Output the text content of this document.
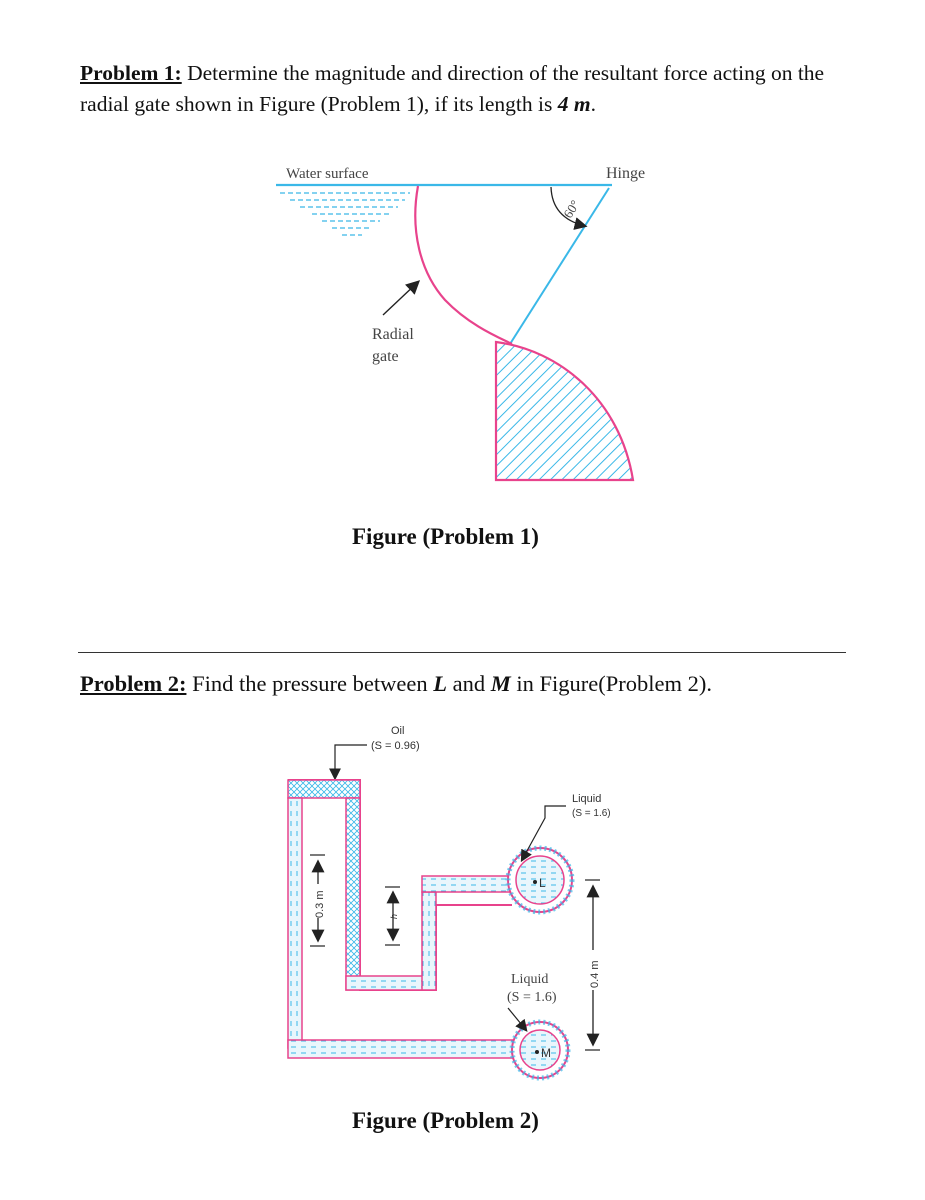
Problem 1: Determine the magnitude and direction of the resultant force acting on the radial gate shown in Figure (Problem 1), if its length is 4 m.
Water surface	Hinge
60°
Radial
gate
Oil
(S = 0.96)
L
M
Liquid
(S = 1.6)
Liquid
(S = 1.6)
0.3 m	h
0.4 m
Figure (Problem 1)
Problem 2: Find the pressure between L and M in Figure(Problem 2).
Figure (Problem 2)
